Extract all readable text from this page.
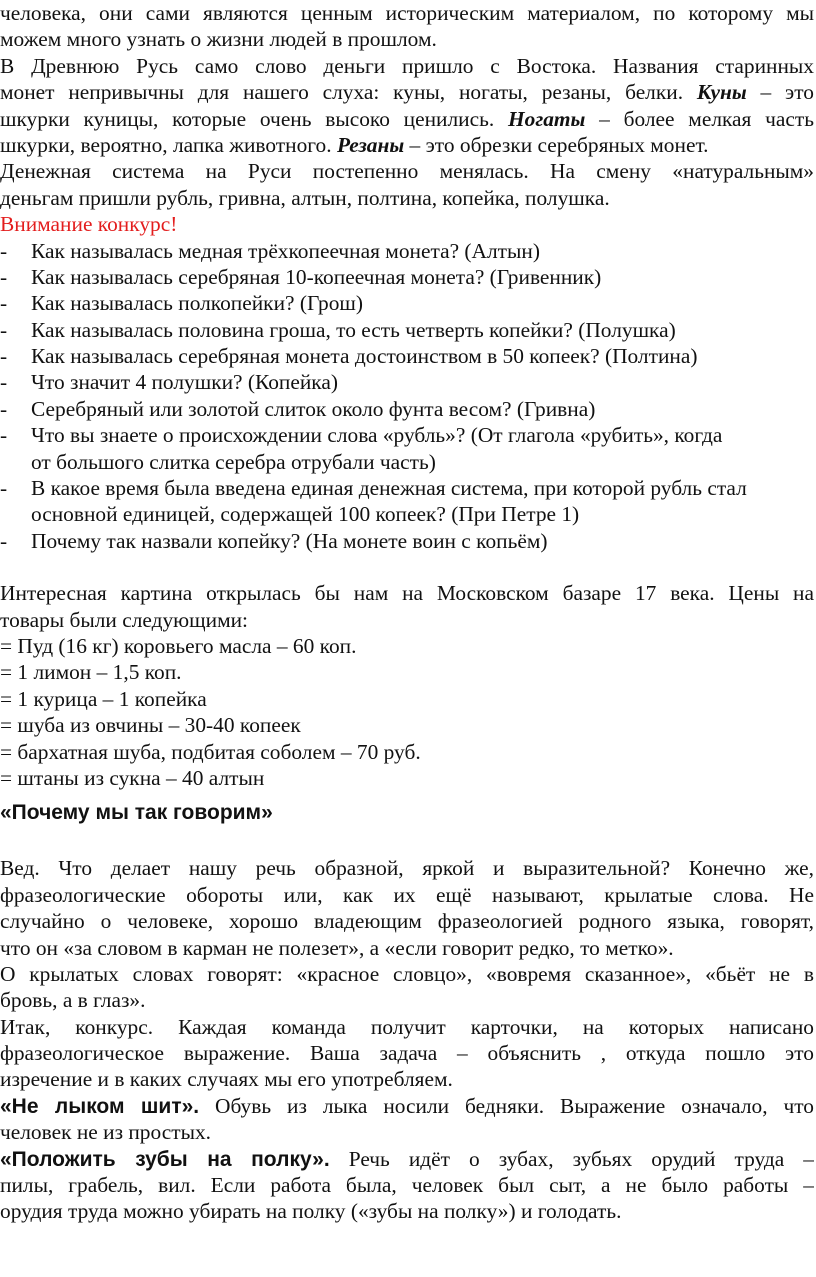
человека, они сами являются ценным историческим материалом, по которому мы
можем много узнать о жизни людей в прошлом.
В Древнюю Русь само слово деньги пришло с Востока. Названия старинных
монет непривычны для нашего слуха: куны, ногаты, резаны, белки. Куны – это
шкурки куницы, которые очень высоко ценились. Ногаты – более мелкая часть
шкурки, вероятно, лапка животного. Резаны – это обрезки серебряных монет.
Денежная система на Руси постепенно менялась. На смену «натуральным»
деньгам пришли рубль, гривна, алтын, полтина, копейка, полушка.
Внимание конкурс!
-	Как называлась медная трёхкопеечная монета? (Алтын)
-	Как называлась серебряная 10-копеечная монета? (Гривенник)
-	Как называлась полкопейки? (Грош)
-	Как называлась половина гроша, то есть четверть копейки? (Полушка)
-	Как называлась серебряная монета достоинством в 50 копеек? (Полтина)
-	Что значит 4 полушки? (Копейка)
-	Серебряный или золотой слиток около фунта весом? (Гривна)
-	Что вы знаете о происхождении слова «рубль»? (От глагола «рубить», когда
от большого слитка серебра отрубали часть)
-	В какое время была введена единая денежная система, при которой рубль стал
основной единицей, содержащей 100 копеек? (При Петре 1)
-	Почему так назвали копейку? (На монете воин с копьём)
Интересная картина открылась бы нам на Московском базаре 17 века. Цены на
товары были следующими:
= Пуд (16 кг) коровьего масла – 60 коп.
= 1 лимон – 1,5 коп.
= 1 курица – 1 копейка
= шуба из овчины – 30-40 копеек
= бархатная шуба, подбитая соболем – 70 руб.
= штаны из сукна – 40 алтын
«Почему мы так говорим»
Вед. Что делает нашу речь образной, яркой и выразительной? Конечно же,
фразеологические обороты или, как их ещё называют, крылатые слова. Не
случайно о человеке, хорошо владеющим фразеологией родного языка, говорят,
что он «за словом в карман не полезет», а «если говорит редко, то метко».
О крылатых словах говорят: «красное словцо», «вовремя сказанное», «бьёт не в
бровь, а в глаз».
Итак, конкурс. Каждая команда получит карточки, на которых написано
фразеологическое выражение. Ваша задача – объяснить , откуда пошло это
изречение и в каких случаях мы его употребляем.
«Не лыком шит». Обувь из лыка носили бедняки. Выражение означало, что
человек не из простых.
«Положить зубы на полку». Речь идёт о зубах, зубьях орудий труда –
пилы, грабель, вил. Если работа была, человек был сыт, а не было работы –
орудия труда можно убирать на полку («зубы на полку») и голодать.
